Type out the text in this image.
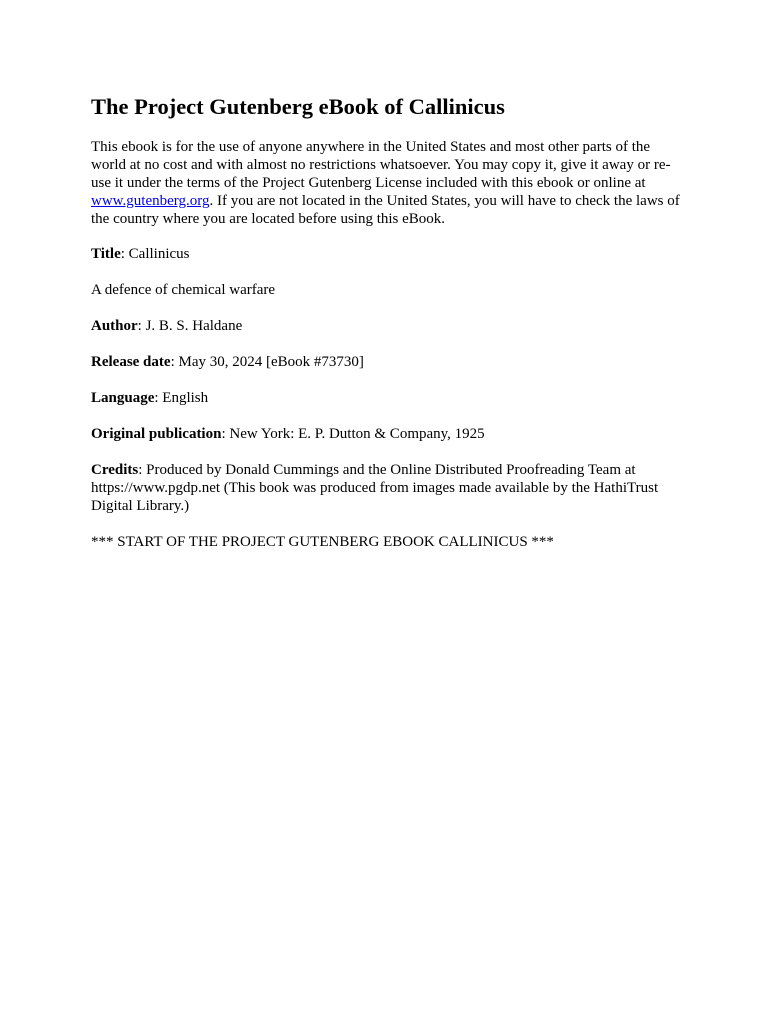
The Project Gutenberg eBook of Callinicus

This ebook is for the use of anyone anywhere in the United States and most other parts of the world at no cost and with almost no restrictions whatsoever. You may copy it, give it away or re-use it under the terms of the Project Gutenberg License included with this ebook or online at www.gutenberg.org. If you are not located in the United States, you will have to check the laws of the country where you are located before using this eBook.

Title: Callinicus

A defence of chemical warfare

Author: J. B. S. Haldane

Release date: May 30, 2024 [eBook #73730]

Language: English

Original publication: New York: E. P. Dutton & Company, 1925

Credits: Produced by Donald Cummings and the Online Distributed Proofreading Team at https://www.pgdp.net (This book was produced from images made available by the HathiTrust Digital Library.)

*** START OF THE PROJECT GUTENBERG EBOOK CALLINICUS ***
